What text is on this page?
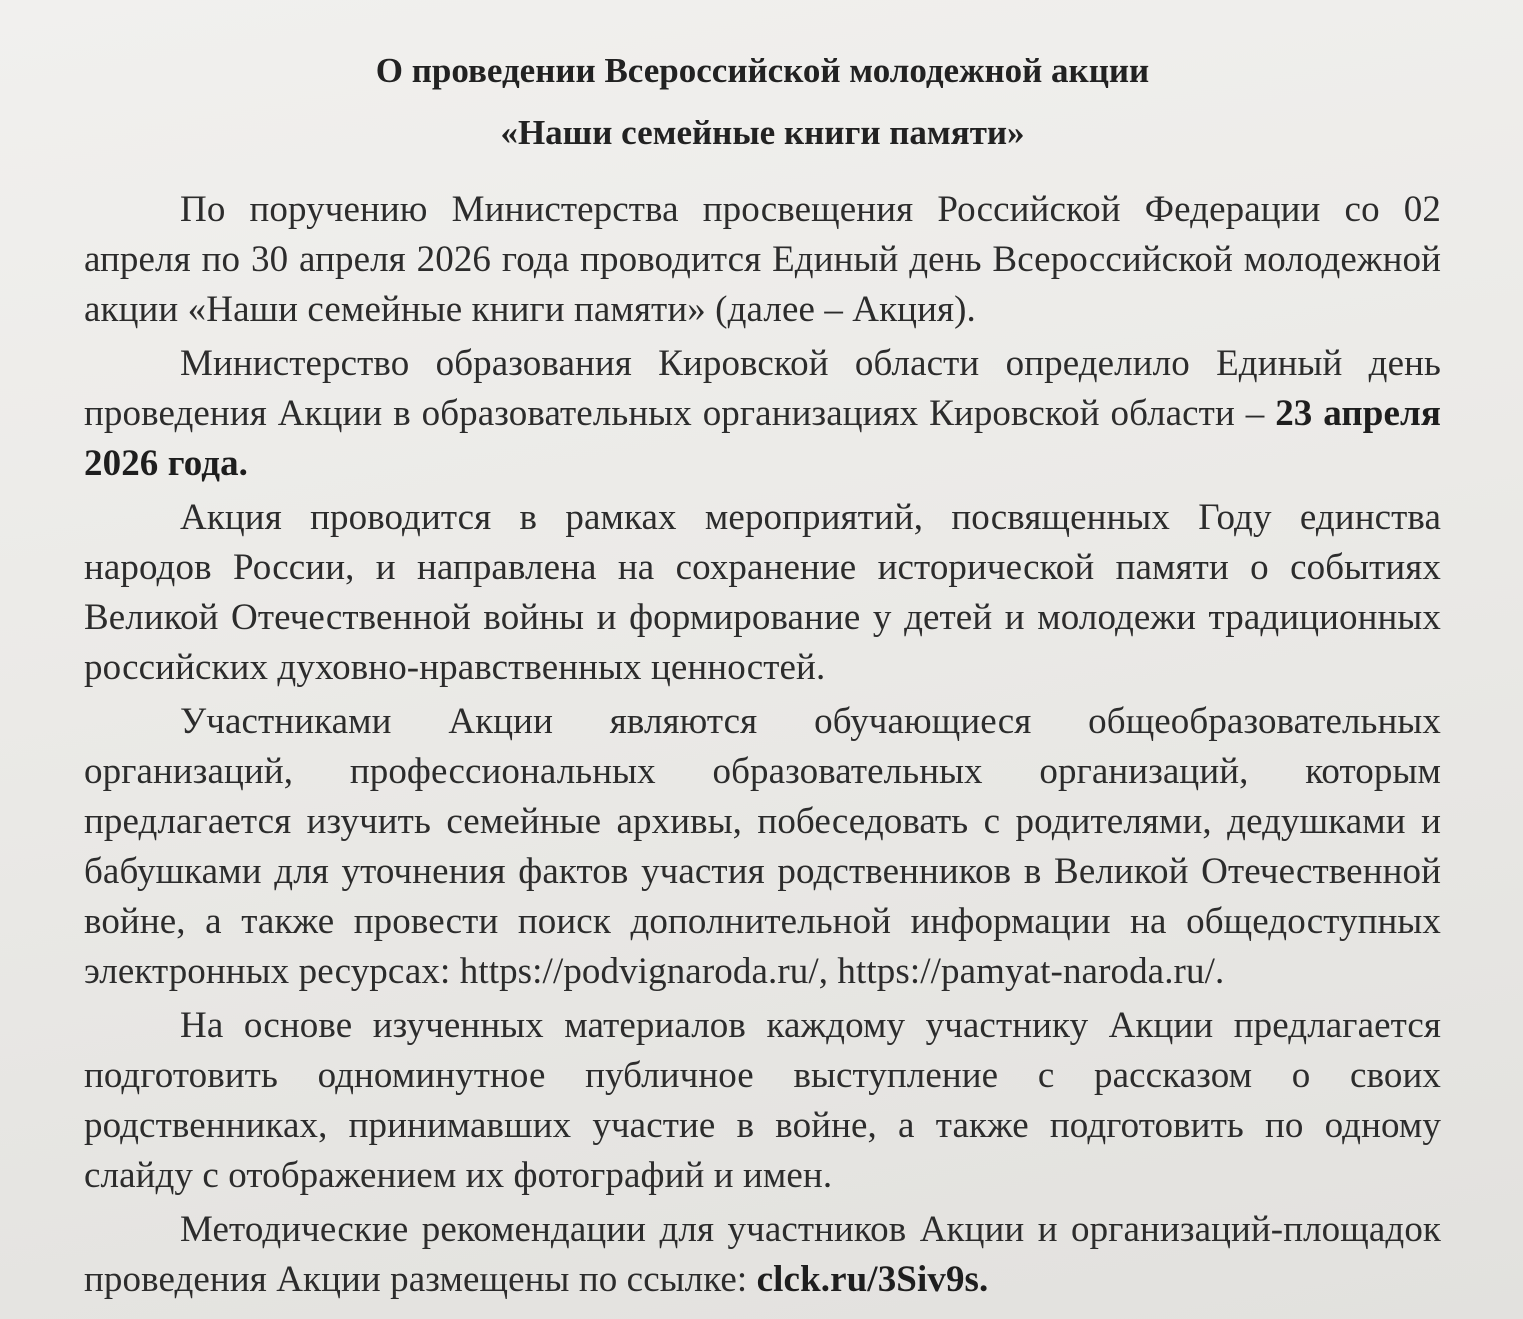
О проведении Всероссийской молодежной акции

«Наши семейные книги памяти»

По поручению Министерства просвещения Российской Федерации со 02 апреля по 30 апреля 2026 года проводится Единый день Всероссийской молодежной акции «Наши семейные книги памяти» (далее – Акция).

Министерство образования Кировской области определило Единый день проведения Акции в образовательных организациях Кировской области – 23 апреля 2026 года.

Акция проводится в рамках мероприятий, посвященных Году единства народов России, и направлена на сохранение исторической памяти о событиях Великой Отечественной войны и формирование у детей и молодежи традиционных российских духовно-нравственных ценностей.

Участниками Акции являются обучающиеся общеобразовательных организаций, профессиональных образовательных организаций, которым предлагается изучить семейные архивы, побеседовать с родителями, дедушками и бабушками для уточнения фактов участия родственников в Великой Отечественной войне, а также провести поиск дополнительной информации на общедоступных электронных ресурсах: https://podvignaroda.ru/, https://pamyat-naroda.ru/.

На основе изученных материалов каждому участнику Акции предлагается подготовить одноминутное публичное выступление с рассказом о своих родственниках, принимавших участие в войне, а также подготовить по одному слайду с отображением их фотографий и имен.

Методические рекомендации для участников Акции и организаций-площадок проведения Акции размещены по ссылке: clck.ru/3Siv9s.
